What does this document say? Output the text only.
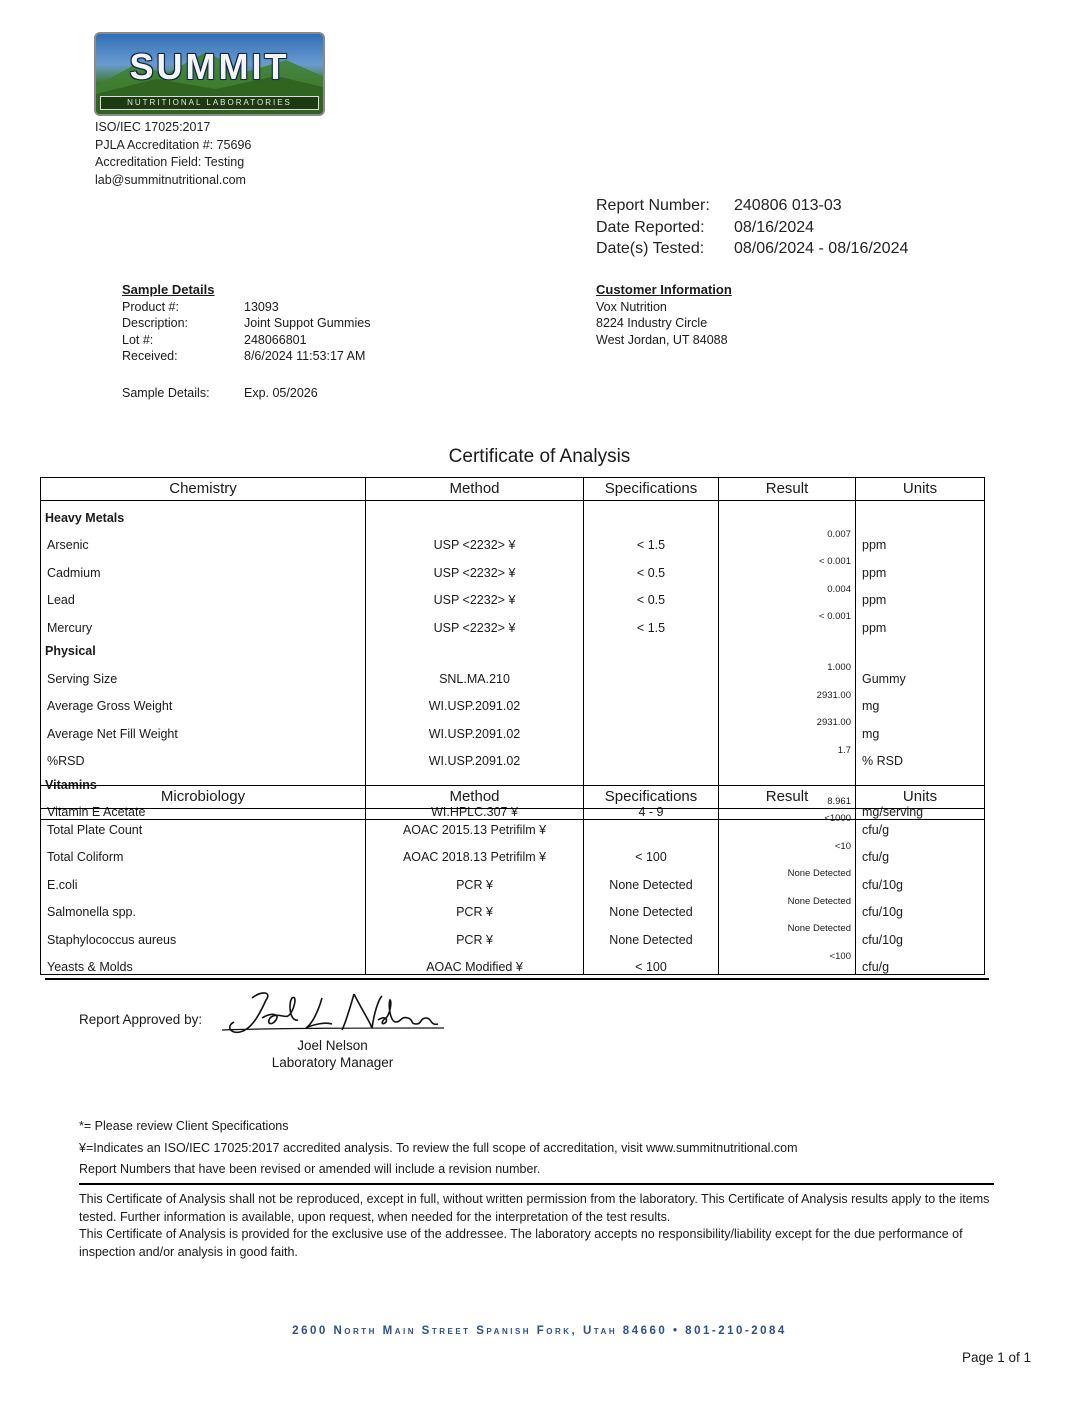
SUMMIT
NUTRITIONAL LABORATORIES
ISO/IEC 17025:2017
PJLA Accreditation #: 75696
Accreditation Field: Testing
lab@summitnutritional.com
Report Number:	240806 013-03
Date Reported:	08/16/2024
Date(s) Tested:	08/06/2024 - 08/16/2024
Sample Details
Product #:	13093
Description:	Joint Suppot Gummies
Lot #:	248066801
Received:	8/6/2024 11:53:17 AM
Sample Details:	Exp. 05/2026
Customer Information
Vox Nutrition
8224 Industry Circle
West Jordan, UT 84088
Certificate of Analysis
Chemistry	Method	Specifications	Result	Units
Heavy Metals				
Arsenic	USP <2232> ¥	< 1.5	0.007	ppm
Cadmium	USP <2232> ¥	< 0.5	< 0.001	ppm
Lead	USP <2232> ¥	< 0.5	0.004	ppm
Mercury	USP <2232> ¥	< 1.5	< 0.001	ppm
Physical				
Serving Size	SNL.MA.210		1.000	Gummy
Average Gross Weight	WI.USP.2091.02		2931.00	mg
Average Net Fill Weight	WI.USP.2091.02		2931.00	mg
%RSD	WI.USP.2091.02		1.7	% RSD
Vitamins				
Vitamin E Acetate	WI.HPLC.307 ¥	4 - 9	8.961	mg/serving
Microbiology	Method	Specifications	Result	Units
Total Plate Count	AOAC 2015.13 Petrifilm ¥		<1000	cfu/g
Total Coliform	AOAC 2018.13 Petrifilm ¥	< 100	<10	cfu/g
E.coli	PCR ¥	None Detected	None Detected	cfu/10g
Salmonella spp.	PCR ¥	None Detected	None Detected	cfu/10g
Staphylococcus aureus	PCR ¥	None Detected	None Detected	cfu/10g
Yeasts & Molds	AOAC Modified ¥	< 100	<100	cfu/g
Report Approved by:
Joel Nelson
Laboratory Manager
*= Please review Client Specifications
¥=Indicates an ISO/IEC 17025:2017 accredited analysis. To review the full scope of accreditation, visit www.summitnutritional.com
Report Numbers that have been revised or amended will include a revision number.
This Certificate of Analysis shall not be reproduced, except in full, without written permission from the laboratory. This Certificate of Analysis results apply to the items tested. Further information is available, upon request, when needed for the interpretation of the test results.
This Certificate of Analysis is provided for the exclusive use of the addressee. The laboratory accepts no responsibility/liability except for the due performance of inspection and/or analysis in good faith.
2600 North Main Street Spanish Fork, Utah 84660 • 801-210-2084
Page 1 of 1
